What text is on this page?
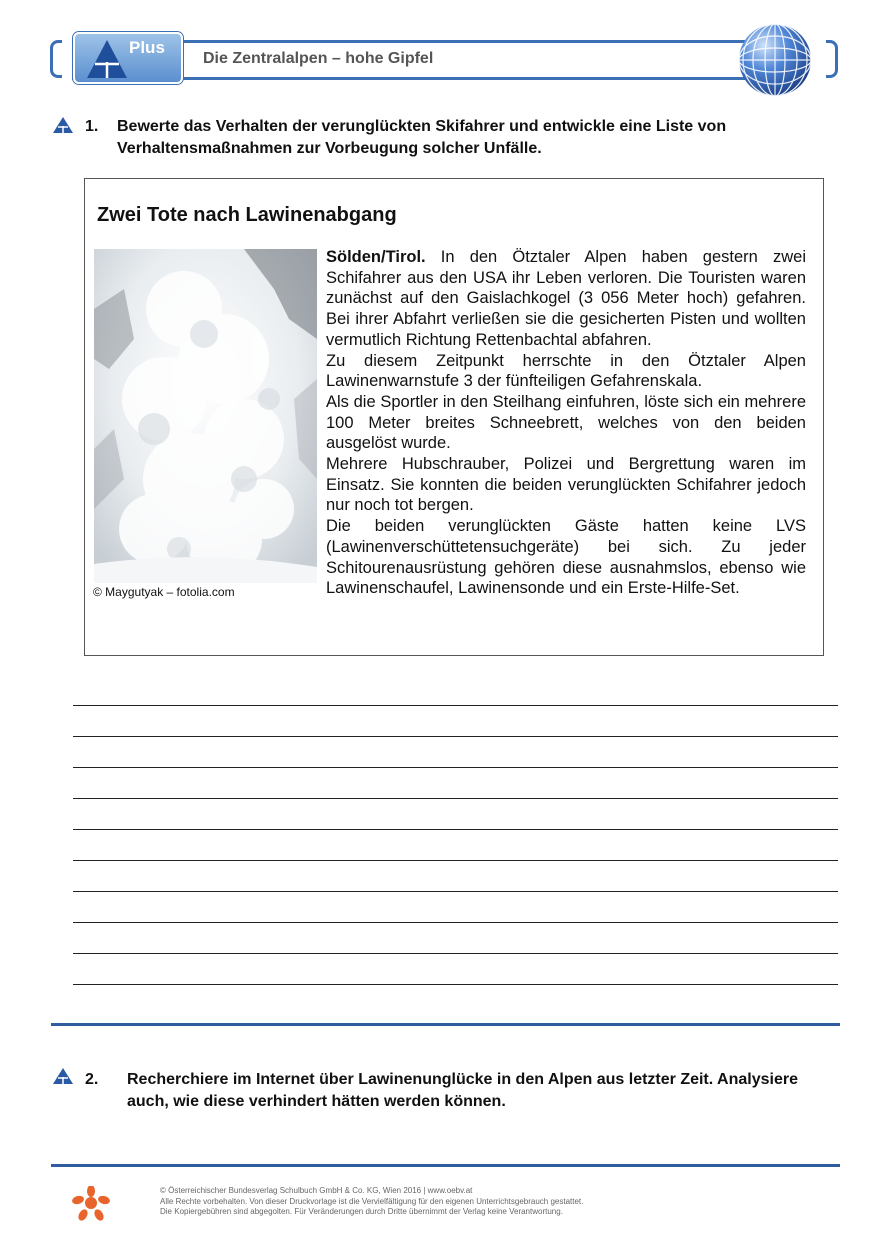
Plus
Die Zentralalpen – hohe Gipfel
1. Bewerte das Verhalten der verunglückten Skifahrer und entwickle eine Liste von Verhaltensmaßnahmen zur Vorbeugung solcher Unfälle.
Zwei Tote nach Lawinenabgang
© Maygutyak – fotolia.com

Sölden/Tirol. In den Ötztaler Alpen haben gestern zwei Schifahrer aus den USA ihr Leben verloren. Die Touristen waren zunächst auf den Gaislachkogel (3 056 Meter hoch) gefahren. Bei ihrer Abfahrt verließen sie die gesicherten Pisten und wollten vermutlich Richtung Rettenbachtal abfahren.

Zu diesem Zeitpunkt herrschte in den Ötztaler Alpen Lawinenwarnstufe 3 der fünfteiligen Gefahrenskala.

Als die Sportler in den Steilhang einfuhren, löste sich ein mehrere 100 Meter breites Schneebrett, welches von den beiden ausgelöst wurde.

Mehrere Hubschrauber, Polizei und Bergrettung waren im Einsatz. Sie konnten die beiden verunglückten Schifahrer jedoch nur noch tot bergen.

Die beiden verunglückten Gäste hatten keine LVS (Lawinenverschüttetensuchgeräte) bei sich. Zu jeder Schitourenausrüstung gehören diese ausnahmslos, ebenso wie Lawinenschaufel, Lawinensonde und ein Erste-Hilfe-Set.

2. Recherchiere im Internet über Lawinenunglücke in den Alpen aus letzter Zeit. Analysiere auch, wie diese verhindert hätten werden können.
© Österreichischer Bundesverlag Schulbuch GmbH & Co. KG, Wien 2016 | www.oebv.at
Alle Rechte vorbehalten. Von dieser Druckvorlage ist die Vervielfältigung für den eigenen Unterrichtsgebrauch gestattet.
Die Kopiergebühren sind abgegolten. Für Veränderungen durch Dritte übernimmt der Verlag keine Verantwortung.
